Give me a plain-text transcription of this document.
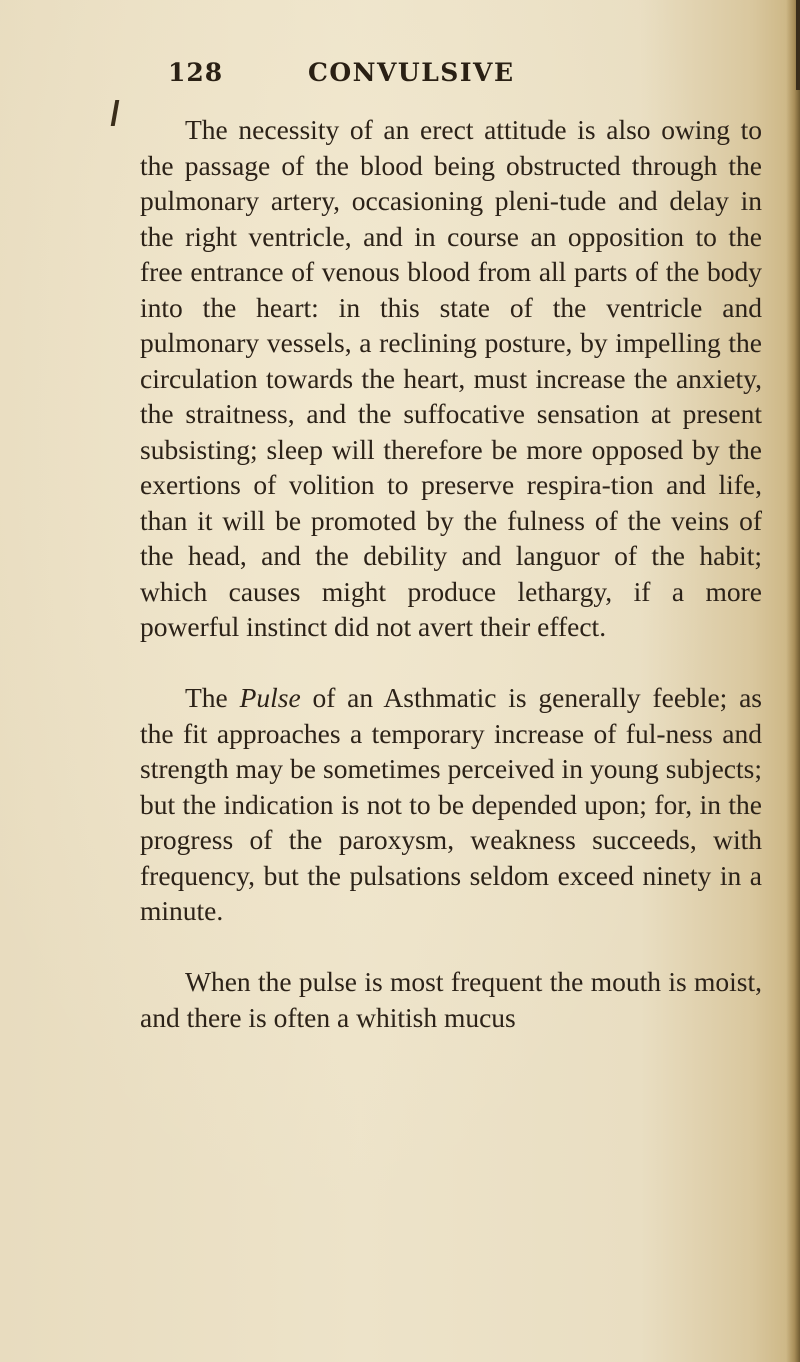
128	CONVULSIVE

The necessity of an erect attitude is also owing to the passage of the blood being obstructed through the pulmonary artery, occasioning pleni-tude and delay in the right ventricle, and in course an opposition to the free entrance of venous blood from all parts of the body into the heart: in this state of the ventricle and pulmonary vessels, a reclining posture, by impelling the circulation towards the heart, must increase the anxiety, the straitness, and the suffocative sensation at present subsisting; sleep will therefore be more opposed by the exertions of volition to preserve respira-tion and life, than it will be promoted by the fulness of the veins of the head, and the debility and languor of the habit; which causes might produce lethargy, if a more powerful instinct did not avert their effect.

The Pulse of an Asthmatic is generally feeble; as the fit approaches a temporary increase of ful-ness and strength may be sometimes perceived in young subjects; but the indication is not to be depended upon; for, in the progress of the paroxysm, weakness succeeds, with frequency, but the pulsations seldom exceed ninety in a minute.

When the pulse is most frequent the mouth is moist, and there is often a whitish mucus
